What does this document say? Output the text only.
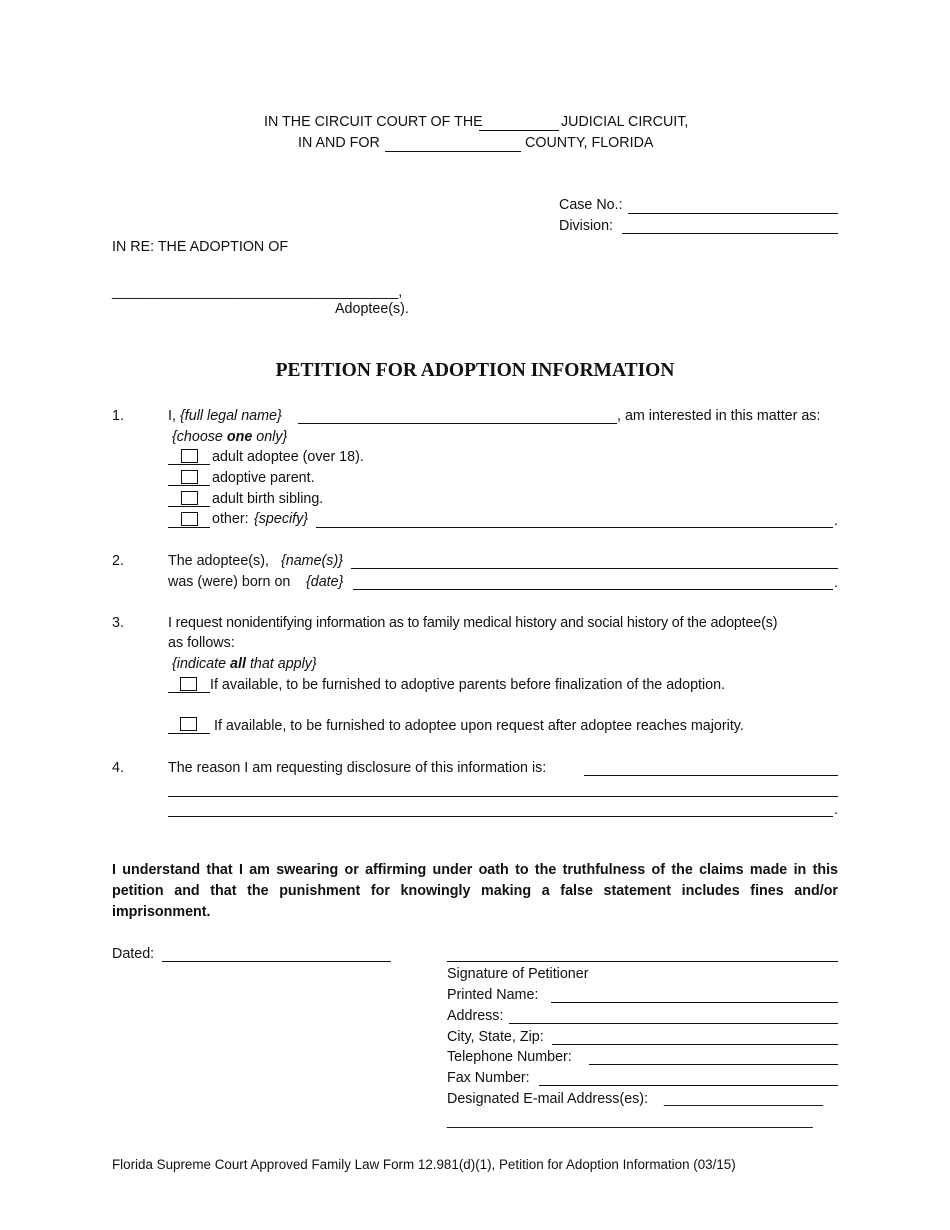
IN THE CIRCUIT COURT OF THE	JUDICIAL CIRCUIT,
IN AND FOR	COUNTY, FLORIDA
Case No.:
Division:
IN RE: THE ADOPTION OF
____________________________________,
Adoptee(s).
PETITION FOR ADOPTION INFORMATION
1.	I, {full legal name}	, am interested in this matter as:
{choose one only}
adult adoptee (over 18).
adoptive parent.
adult birth sibling.
other: {specify}	.
2.	The adoptee(s), {name(s)}
was (were) born on {date}	.
3.	I request nonidentifying information as to family medical history and social history of the adoptee(s)
as follows:
{indicate all that apply}
If available, to be furnished to adoptive parents before finalization of the adoption.
If available, to be furnished to adoptee upon request after adoptee reaches majority.
4.	The reason I am requesting disclosure of this information is:
.
I understand that I am swearing or affirming under oath to the truthfulness of the claims made in this petition and that the punishment for knowingly making a false statement includes fines and/or imprisonment.
Dated:
Signature of Petitioner
Printed Name:
Address:
City, State, Zip:
Telephone Number:
Fax Number:
Designated E-mail Address(es): ____________________
______________________________________________
Florida Supreme Court Approved Family Law Form 12.981(d)(1), Petition for Adoption Information (03/15)
